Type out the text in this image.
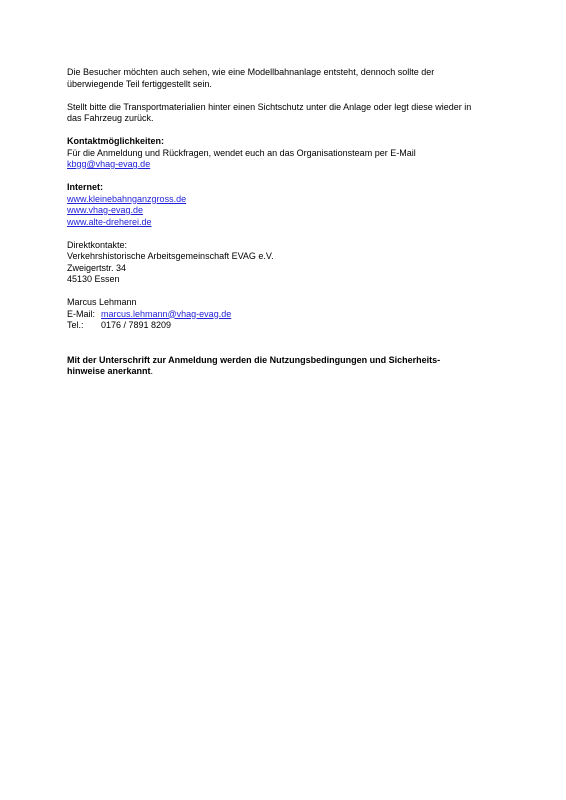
Die Besucher möchten auch sehen, wie eine Modellbahnanlage entsteht, dennoch sollte der

überwiegende Teil fertiggestellt sein.

Stellt bitte die Transportmaterialien hinter einen Sichtschutz unter die Anlage oder legt diese wieder in

das Fahrzeug zurück.

Kontaktmöglichkeiten:

Für die Anmeldung und Rückfragen, wendet euch an das Organisationsteam per E-Mail

kbgg@vhag-evag.de

Internet:

www.kleinebahnganzgross.de

www.vhag-evag.de

www.alte-dreherei.de

Direktkontakte:

Verkehrshistorische Arbeitsgemeinschaft EVAG e.V.

Zweigertstr. 34

45130 Essen

Marcus Lehmann

E-Mail: marcus.lehmann@vhag-evag.de
Tel.:	0176 / 7891 8209

Mit der Unterschrift zur Anmeldung werden die Nutzungsbedingungen und Sicherheits-

hinweise anerkannt.
